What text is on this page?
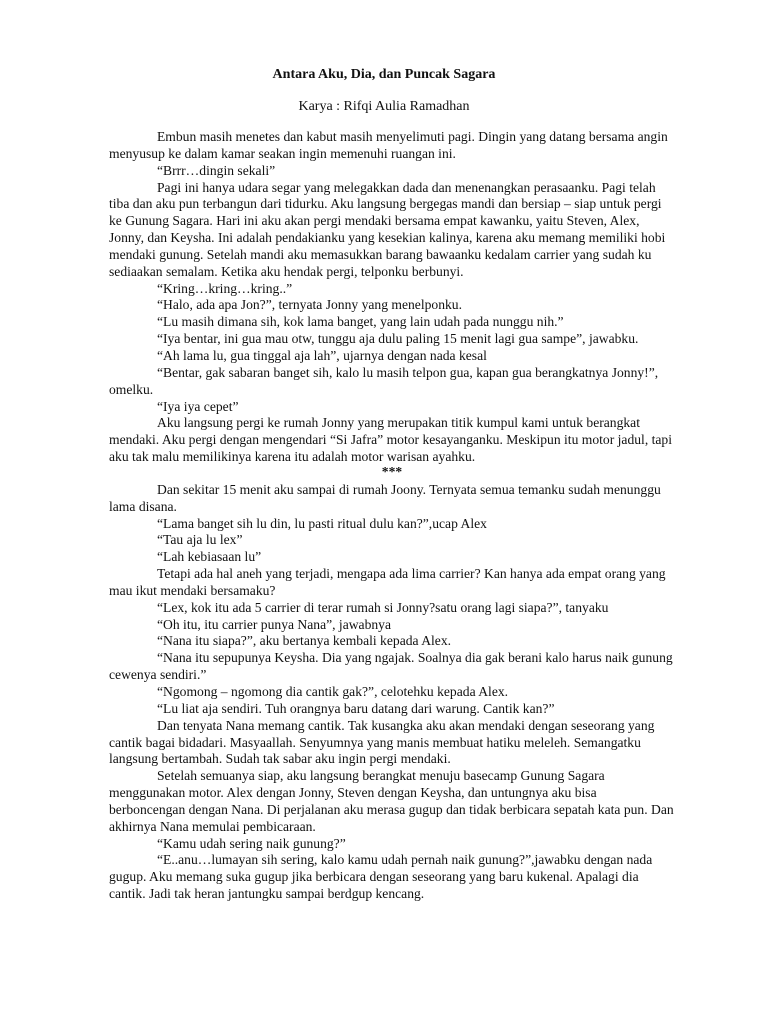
Antara Aku, Dia, dan Puncak Sagara
Karya : Rifqi Aulia Ramadhan

Embun masih menetes dan kabut masih menyelimuti pagi. Dingin yang datang bersama angin menyusup ke dalam kamar seakan ingin memenuhi ruangan ini.

“Brrr…dingin sekali”

Pagi ini hanya udara segar yang melegakkan dada dan menenangkan perasaanku. Pagi telah tiba dan aku pun terbangun dari tidurku. Aku langsung bergegas mandi dan bersiap – siap untuk pergi ke Gunung Sagara. Hari ini aku akan pergi mendaki bersama empat kawanku, yaitu Steven, Alex, Jonny, dan Keysha. Ini adalah pendakianku yang kesekian kalinya, karena aku memang memiliki hobi mendaki gunung. Setelah mandi aku memasukkan barang bawaanku kedalam carrier yang sudah ku sediaakan semalam. Ketika aku hendak pergi, telponku berbunyi.

“Kring…kring…kring..”

“Halo, ada apa Jon?”, ternyata Jonny yang menelponku.

“Lu masih dimana sih, kok lama banget, yang lain udah pada nunggu nih.”

“Iya bentar, ini gua mau otw, tunggu aja dulu paling 15 menit lagi gua sampe”, jawabku.

“Ah lama lu, gua tinggal aja lah”, ujarnya dengan nada kesal

“Bentar, gak sabaran banget sih, kalo lu masih telpon gua, kapan gua berangkatnya Jonny!”, omelku.

“Iya iya cepet”

Aku langsung pergi ke rumah Jonny yang merupakan titik kumpul kami untuk berangkat mendaki. Aku pergi dengan mengendari “Si Jafra” motor kesayanganku. Meskipun itu motor jadul, tapi aku tak malu memilikinya karena itu adalah motor warisan ayahku.

***

Dan sekitar 15 menit aku sampai di rumah Joony. Ternyata semua temanku sudah menunggu lama disana.

“Lama banget sih lu din, lu pasti ritual dulu kan?”,ucap Alex

“Tau aja lu lex”

“Lah kebiasaan lu”

Tetapi ada hal aneh yang terjadi, mengapa ada lima carrier? Kan hanya ada empat orang yang mau ikut mendaki bersamaku?

“Lex, kok itu ada 5 carrier di terar rumah si Jonny?satu orang lagi siapa?”, tanyaku

“Oh itu, itu carrier punya Nana”, jawabnya

“Nana itu siapa?”, aku bertanya kembali kepada Alex.

“Nana itu sepupunya Keysha. Dia yang ngajak. Soalnya dia gak berani kalo harus naik gunung cewenya sendiri.”

“Ngomong – ngomong dia cantik gak?”, celotehku kepada Alex.

“Lu liat aja sendiri. Tuh orangnya baru datang dari warung. Cantik kan?”

Dan tenyata Nana memang cantik. Tak kusangka aku akan mendaki dengan seseorang yang cantik bagai bidadari. Masyaallah. Senyumnya yang manis membuat hatiku meleleh. Semangatku langsung bertambah. Sudah tak sabar aku ingin pergi mendaki.

Setelah semuanya siap, aku langsung berangkat menuju basecamp Gunung Sagara menggunakan motor. Alex dengan Jonny, Steven dengan Keysha, dan untungnya aku bisa berboncengan dengan Nana. Di perjalanan aku merasa gugup dan tidak berbicara sepatah kata pun. Dan akhirnya Nana memulai pembicaraan.

“Kamu udah sering naik gunung?”

“E..anu…lumayan sih sering, kalo kamu udah pernah naik gunung?”,jawabku dengan nada gugup. Aku memang suka gugup jika berbicara dengan seseorang yang baru kukenal. Apalagi dia cantik. Jadi tak heran jantungku sampai berdgup kencang.
